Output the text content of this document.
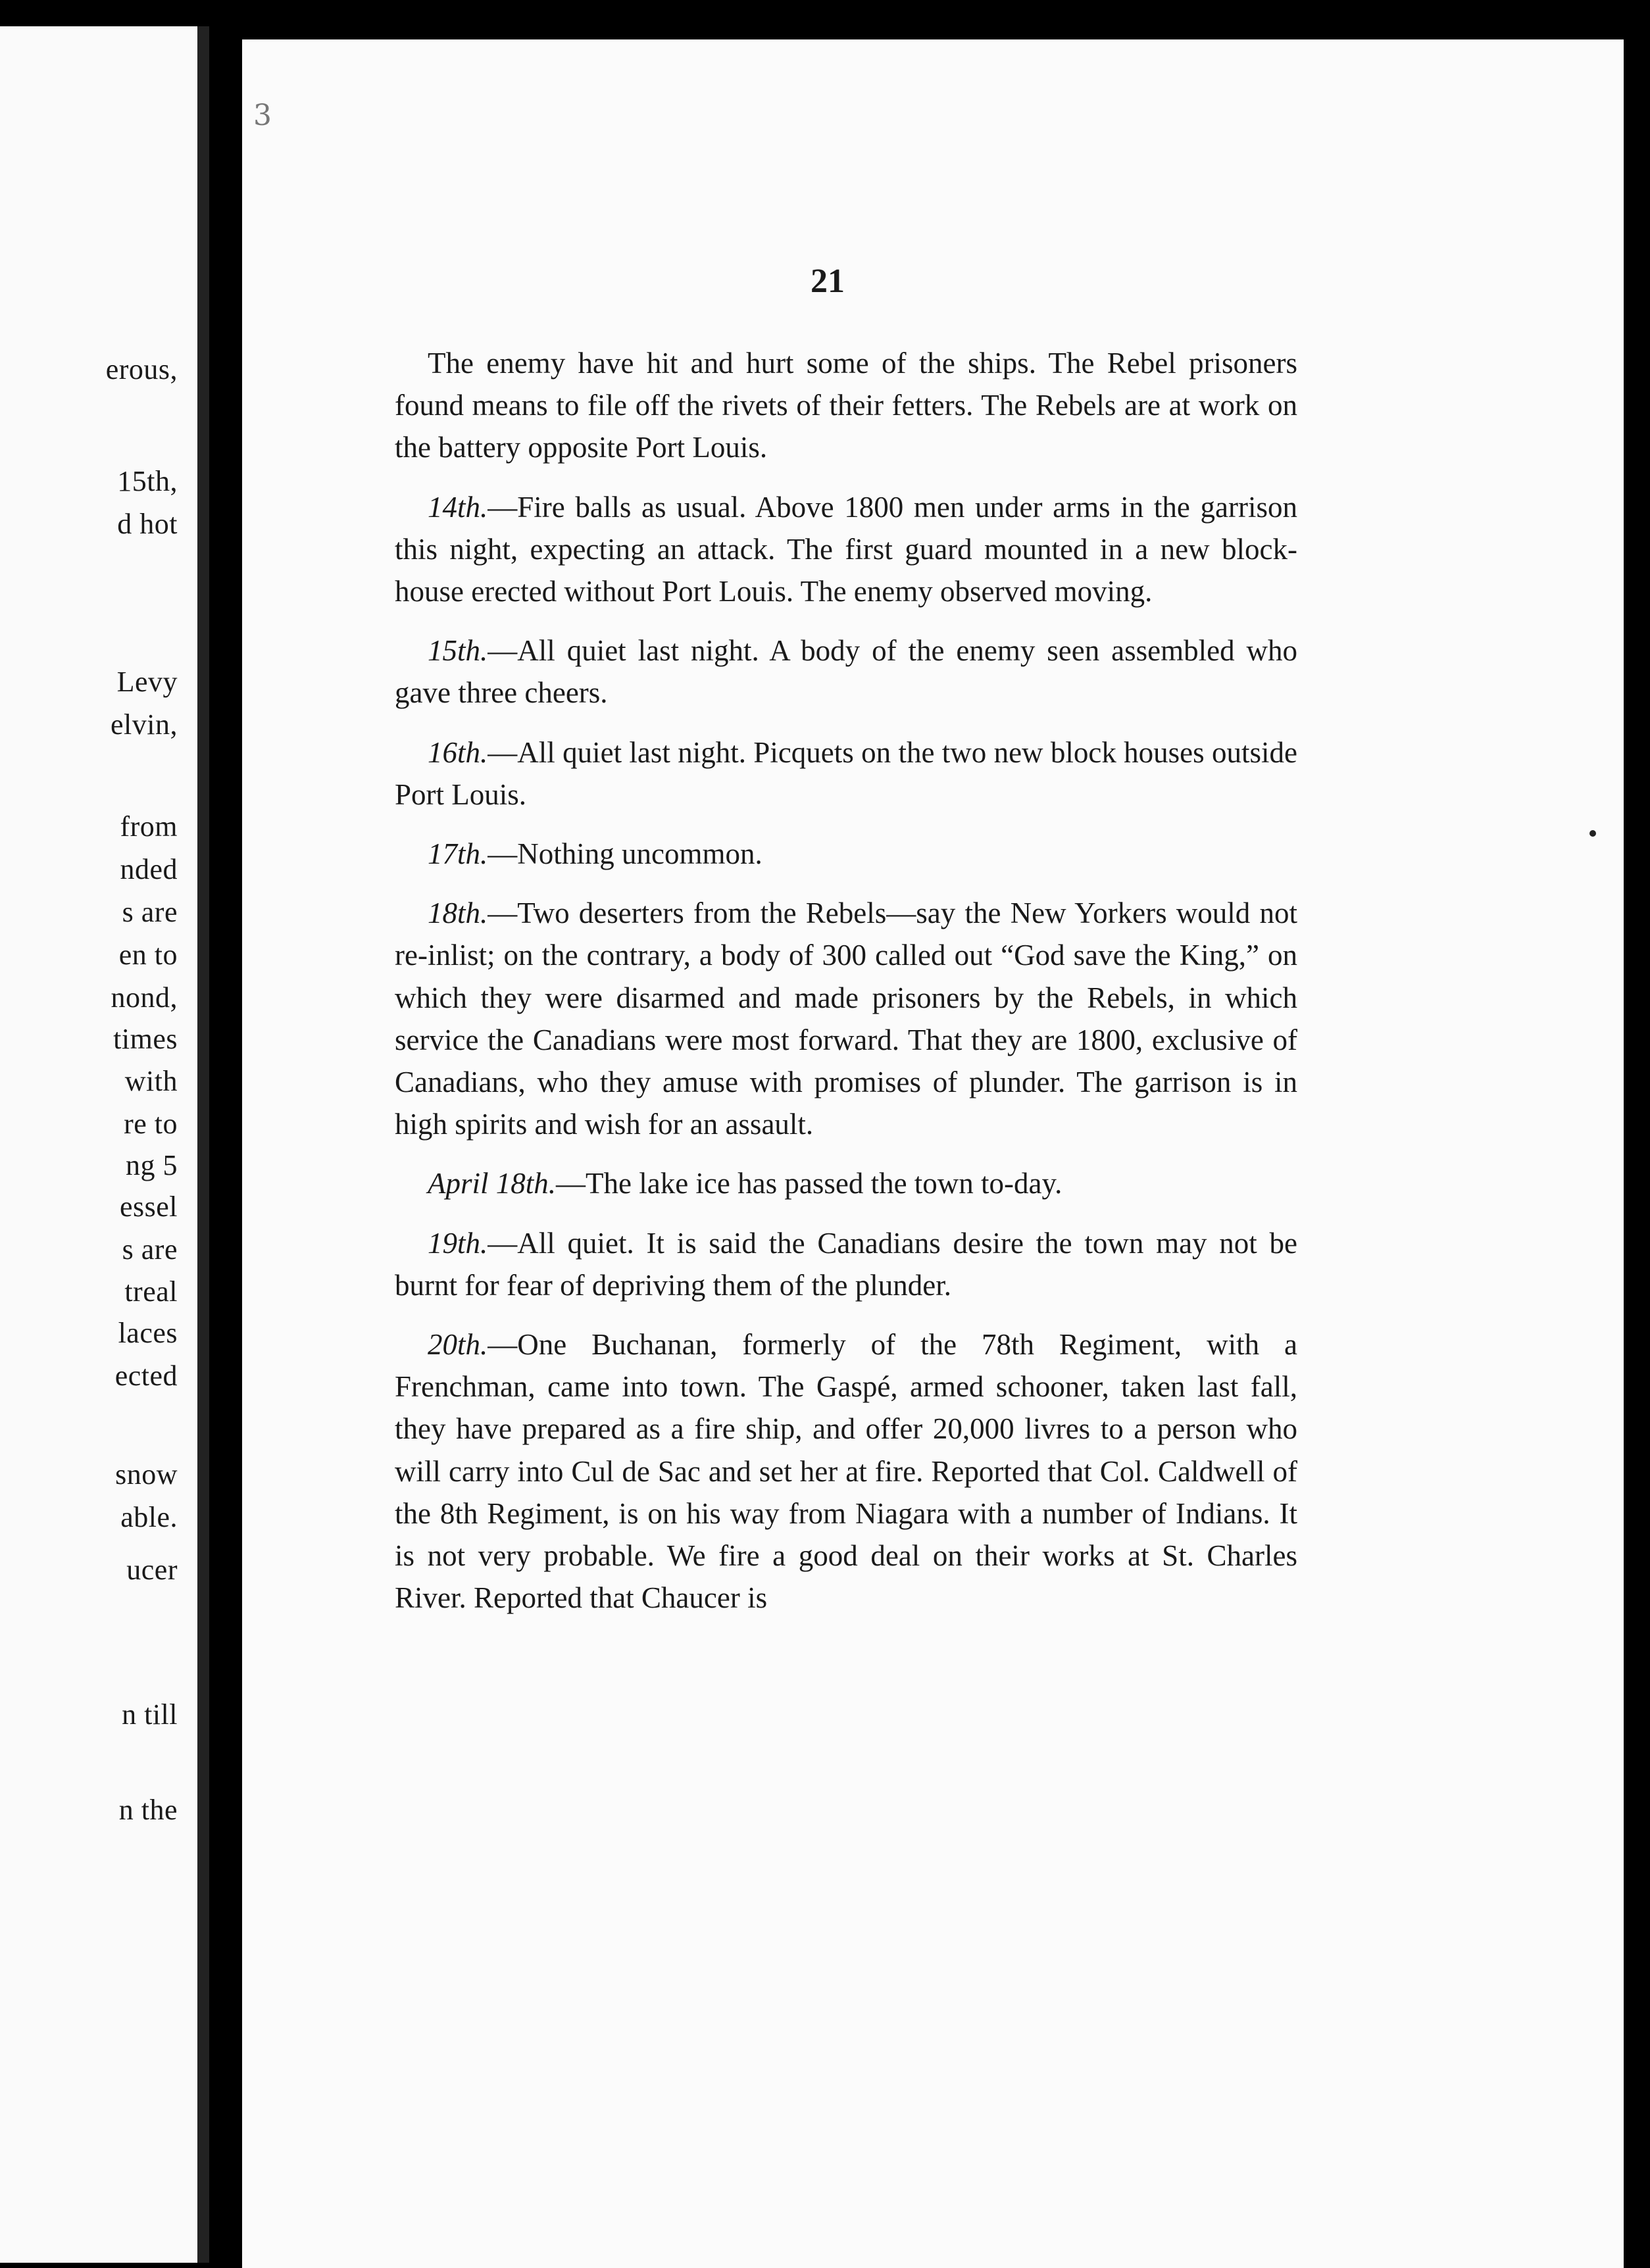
erous,
15th,
d hot
Levy
elvin,
from
nded
s are
en to
nond,
times
with
re to
ng 5
essel
s are
treal
laces
ected
snow
able.
ucer
n till
n the
3
21

The enemy have hit and hurt some of the ships. The Rebel prisoners found means to file off the rivets of their fetters. The Rebels are at work on the battery opposite Port Louis.

14th.—Fire balls as usual. Above 1800 men under arms in the garrison this night, expecting an attack. The first guard mounted in a new block-house erected without Port Louis. The enemy observed moving.

15th.—All quiet last night. A body of the enemy seen assembled who gave three cheers.

16th.—All quiet last night. Picquets on the two new block houses outside Port Louis.

17th.—Nothing uncommon.

18th.—Two deserters from the Rebels—say the New Yorkers would not re-inlist; on the contrary, a body of 300 called out “God save the King,” on which they were disarmed and made prisoners by the Rebels, in which service the Canadians were most forward. That they are 1800, exclusive of Canadians, who they amuse with promises of plunder. The garrison is in high spirits and wish for an assault.

April 18th.—The lake ice has passed the town to-day.

19th.—All quiet. It is said the Canadians desire the town may not be burnt for fear of depriving them of the plunder.

20th.—One Buchanan, formerly of the 78th Regiment, with a Frenchman, came into town. The Gaspé, armed schooner, taken last fall, they have prepared as a fire ship, and offer 20,000 livres to a person who will carry into Cul de Sac and set her at fire. Reported that Col. Caldwell of the 8th Regiment, is on his way from Niagara with a number of Indians. It is not very probable. We fire a good deal on their works at St. Charles River. Reported that Chaucer is
